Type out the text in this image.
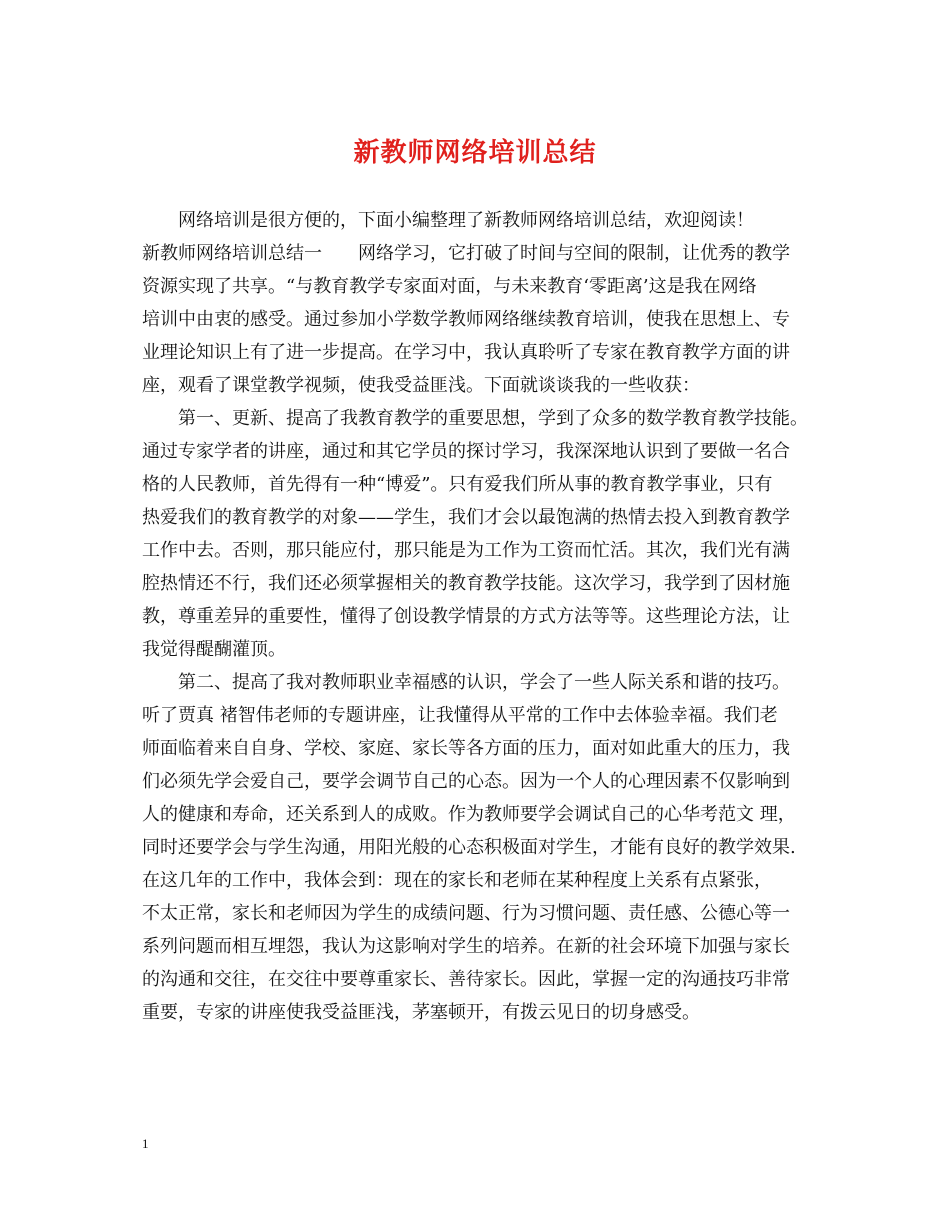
新教师网络培训总结
　　网络培训是很方便的，下面小编整理了新教师网络培训总结，欢迎阅读！
新教师网络培训总结一　　网络学习，它打破了时间与空间的限制，让优秀的教学
资源实现了共享。“与教育教学专家面对面，与未来教育‘零距离’这是我在网络
培训中由衷的感受。通过参加小学数学教师网络继续教育培训，使我在思想上、专
业理论知识上有了进一步提高。在学习中，我认真聆听了专家在教育教学方面的讲
座，观看了课堂教学视频，使我受益匪浅。下面就谈谈我的一些收获：
　　第一、更新、提高了我教育教学的重要思想，学到了众多的数学教育教学技能。
通过专家学者的讲座，通过和其它学员的探讨学习，我深深地认识到了要做一名合
格的人民教师，首先得有一种“博爱”。只有爱我们所从事的教育教学事业，只有
热爱我们的教育教学的对象——学生，我们才会以最饱满的热情去投入到教育教学
工作中去。否则，那只能应付，那只能是为工作为工资而忙活。其次，我们光有满
腔热情还不行，我们还必须掌握相关的教育教学技能。这次学习，我学到了因材施
教，尊重差异的重要性，懂得了创设教学情景的方式方法等等。这些理论方法，让
我觉得醍醐灌顶。
　　第二、提高了我对教师职业幸福感的认识，学会了一些人际关系和谐的技巧。
听了贾真 褚智伟老师的专题讲座，让我懂得从平常的工作中去体验幸福。我们老
师面临着来自自身、学校、家庭、家长等各方面的压力，面对如此重大的压力，我
们必须先学会爱自己，要学会调节自己的心态。因为一个人的心理因素不仅影响到
人的健康和寿命，还关系到人的成败。作为教师要学会调试自己的心华考范文 理，
同时还要学会与学生沟通，用阳光般的心态积极面对学生，才能有良好的教学效果.
在这几年的工作中，我体会到：现在的家长和老师在某种程度上关系有点紧张，
不太正常，家长和老师因为学生的成绩问题、行为习惯问题、责任感、公德心等一
系列问题而相互埋怨，我认为这影响对学生的培养。在新的社会环境下加强与家长
的沟通和交往，在交往中要尊重家长、善待家长。因此，掌握一定的沟通技巧非常
重要，专家的讲座使我受益匪浅，茅塞顿开，有拨云见日的切身感受。
1
